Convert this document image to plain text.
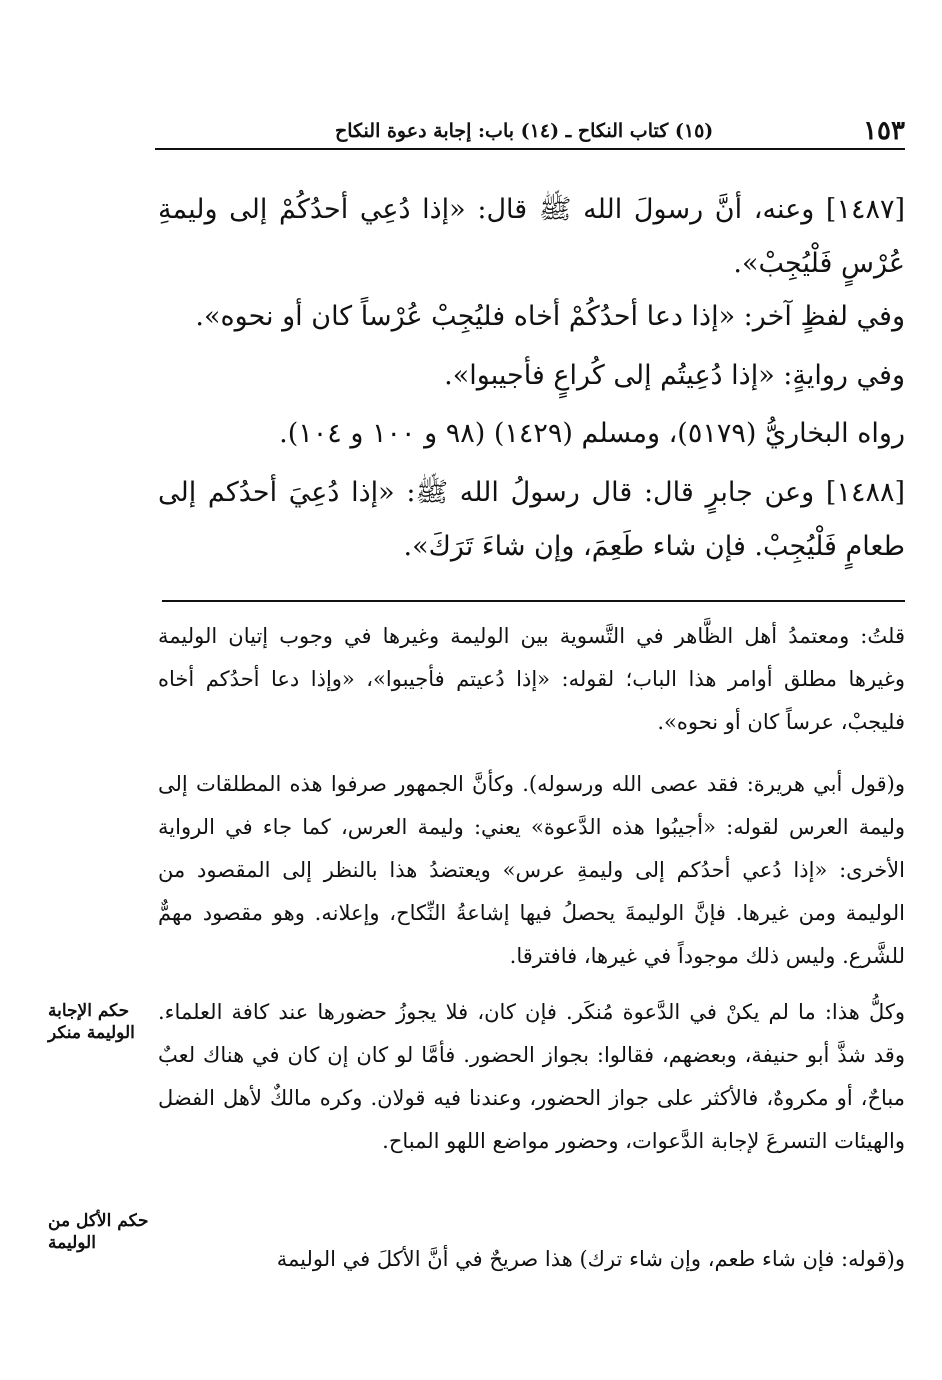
١٥٣
(١٥) كتاب النكاح ـ (١٤) باب: إجابة دعوة النكاح
[١٤٨٧] وعنه، أنَّ رسولَ الله ﷺ قال: «إذا دُعِي أحدُكُمْ إلى وليمةِ عُرْسٍ فَلْيُجِبْ».
وفي لفظٍ آخر: «إذا دعا أحدُكُمْ أخاه فليُجِبْ عُرْساً كان أو نحوه».
وفي روايةٍ: «إذا دُعِيتُم إلى كُراعٍ فأجيبوا».
رواه البخاريُّ (٥١٧٩)، ومسلم (١٤٢٩) (٩٨ و ١٠٠ و ١٠٤).
[١٤٨٨] وعن جابرٍ قال: قال رسولُ الله ﷺ: «إذا دُعِيَ أحدُكم إلى طعامٍ فَلْيُجِبْ. فإن شاء طَعِمَ، وإن شاءَ تَرَكَ».
قلتُ: ومعتمدُ أهل الظَّاهر في التَّسوية بين الوليمة وغيرها في وجوب إتيان الوليمة وغيرها مطلق أوامر هذا الباب؛ لقوله: «إذا دُعيتم فأجيبوا»، «وإذا دعا أحدُكم أخاه فليجبْ، عرساً كان أو نحوه».
و(قول أبي هريرة: فقد عصى الله ورسوله). وكأنَّ الجمهور صرفوا هذه المطلقات إلى وليمة العرس لقوله: «أجيبُوا هذه الدَّعوة» يعني: وليمة العرس، كما جاء في الرواية الأخرى: «إذا دُعي أحدُكم إلى وليمةِ عرس» ويعتضدُ هذا بالنظر إلى المقصود من الوليمة ومن غيرها. فإنَّ الوليمةَ يحصلُ فيها إشاعةُ النِّكاح، وإعلانه. وهو مقصود مهمٌّ للشَّرع. وليس ذلك موجوداً في غيرها، فافترقا.
وكلُّ هذا: ما لم يكنْ في الدَّعوة مُنكَر. فإن كان، فلا يجوزُ حضورها عند كافة العلماء. وقد شذَّ أبو حنيفة، وبعضهم، فقالوا: بجواز الحضور. فأمَّا لو كان إن كان في هناك لعبٌ مباحٌ، أو مكروهٌ، فالأكثر على جواز الحضور، وعندنا فيه قولان. وكره مالكٌ لأهل الفضل والهيئات التسرعَ لإجابة الدَّعوات، وحضور مواضع اللهو المباح.
و(قوله: فإن شاء طعم، وإن شاء ترك) هذا صريحٌ في أنَّ الأكلَ في الوليمة
حكم الإجابة الوليمة منكر
حكم الأكل من الوليمة
